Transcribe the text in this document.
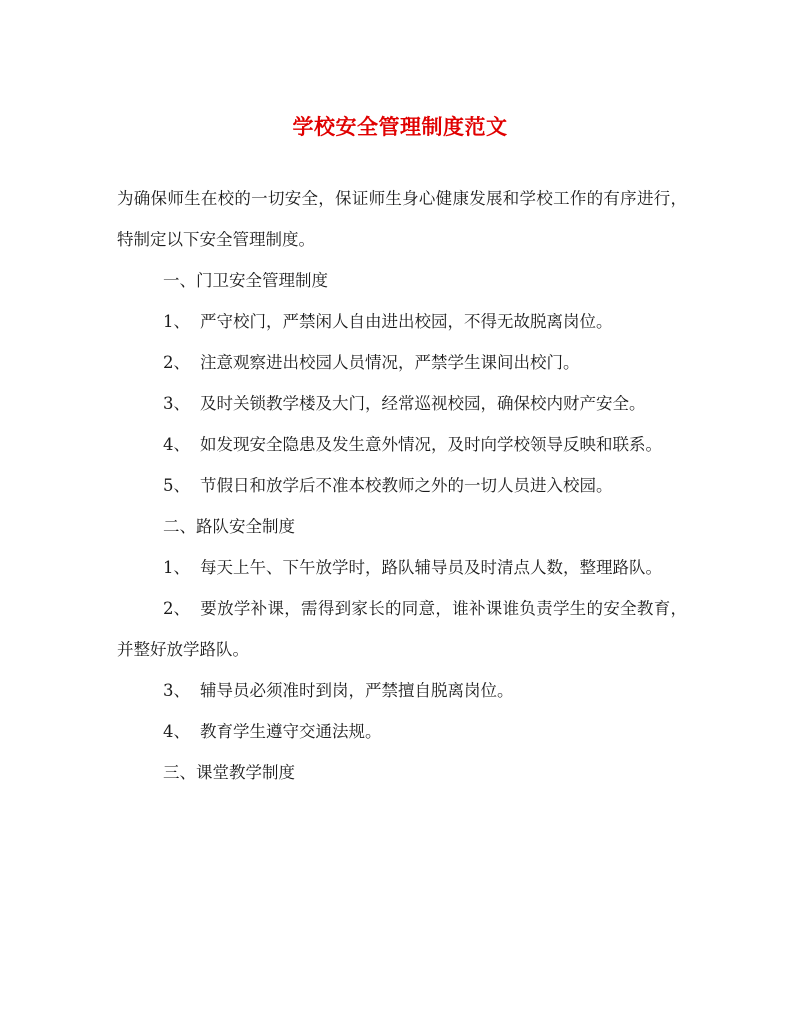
学校安全管理制度范文

为确保师生在校的一切安全，保证师生身心健康发展和学校工作的有序进行，特制定以下安全管理制度。

一、门卫安全管理制度

1、 严守校门，严禁闲人自由进出校园，不得无故脱离岗位。

2、 注意观察进出校园人员情况，严禁学生课间出校门。

3、 及时关锁教学楼及大门，经常巡视校园，确保校内财产安全。

4、 如发现安全隐患及发生意外情况，及时向学校领导反映和联系。

5、 节假日和放学后不准本校教师之外的一切人员进入校园。

二、路队安全制度

1、 每天上午、下午放学时，路队辅导员及时清点人数，整理路队。

2、 要放学补课，需得到家长的同意，谁补课谁负责学生的安全教育，并整好放学路队。

3、 辅导员必须准时到岗，严禁擅自脱离岗位。

4、 教育学生遵守交通法规。

三、课堂教学制度
